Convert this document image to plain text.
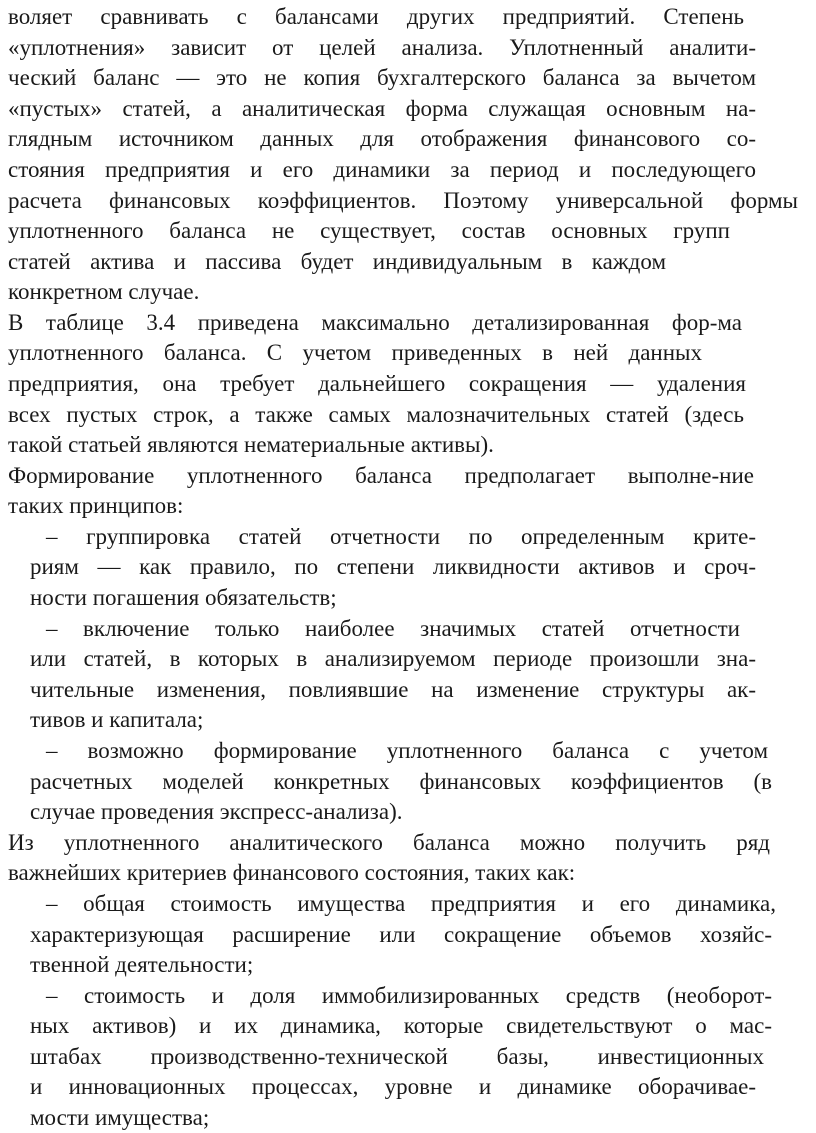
воляет сравнивать с балансами других предприятий. Степень
«уплотнения» зависит от целей анализа. Уплотненный аналити-
ческий баланс — это не копия бухгалтерского баланса за вычетом
«пустых» статей, а аналитическая форма служащая основным на-
глядным источником данных для отображения финансового со-
стояния предприятия и его динамики за период и последующего
расчета финансовых коэффициентов. Поэтому универсальной формы
уплотненного баланса не существует, состав основных групп
статей актива и пассива будет индивидуальным в каждом
конкретном случае.
В таблице 3.4 приведена максимально детализированная фор-ма
уплотненного баланса. С учетом приведенных в ней данных
предприятия, она требует дальнейшего сокращения — удаления
всех пустых строк, а также самых малозначительных статей (здесь
такой статьей являются нематериальные активы).
Формирование уплотненного баланса предполагает выполне-ние
таких принципов:
– группировка статей отчетности по определенным крите-
риям — как правило, по степени ликвидности активов и сроч-
ности погашения обязательств;
– включение только наиболее значимых статей отчетности
или статей, в которых в анализируемом периоде произошли зна-
чительные изменения, повлиявшие на изменение структуры ак-
тивов и капитала;
– возможно формирование уплотненного баланса с учетом
расчетных моделей конкретных финансовых коэффициентов (в
случае проведения экспресс-анализа).
Из уплотненного аналитического баланса можно получить ряд
важнейших критериев финансового состояния, таких как:
– общая стоимость имущества предприятия и его динамика,
характеризующая расширение или сокращение объемов хозяйс-
твенной деятельности;
– стоимость и доля иммобилизированных средств (необорот-
ных активов) и их динамика, которые свидетельствуют о мас-
штабах производственно-технической базы, инвестиционных
и инновационных процессах, уровне и динамике оборачивае-
мости имущества;
